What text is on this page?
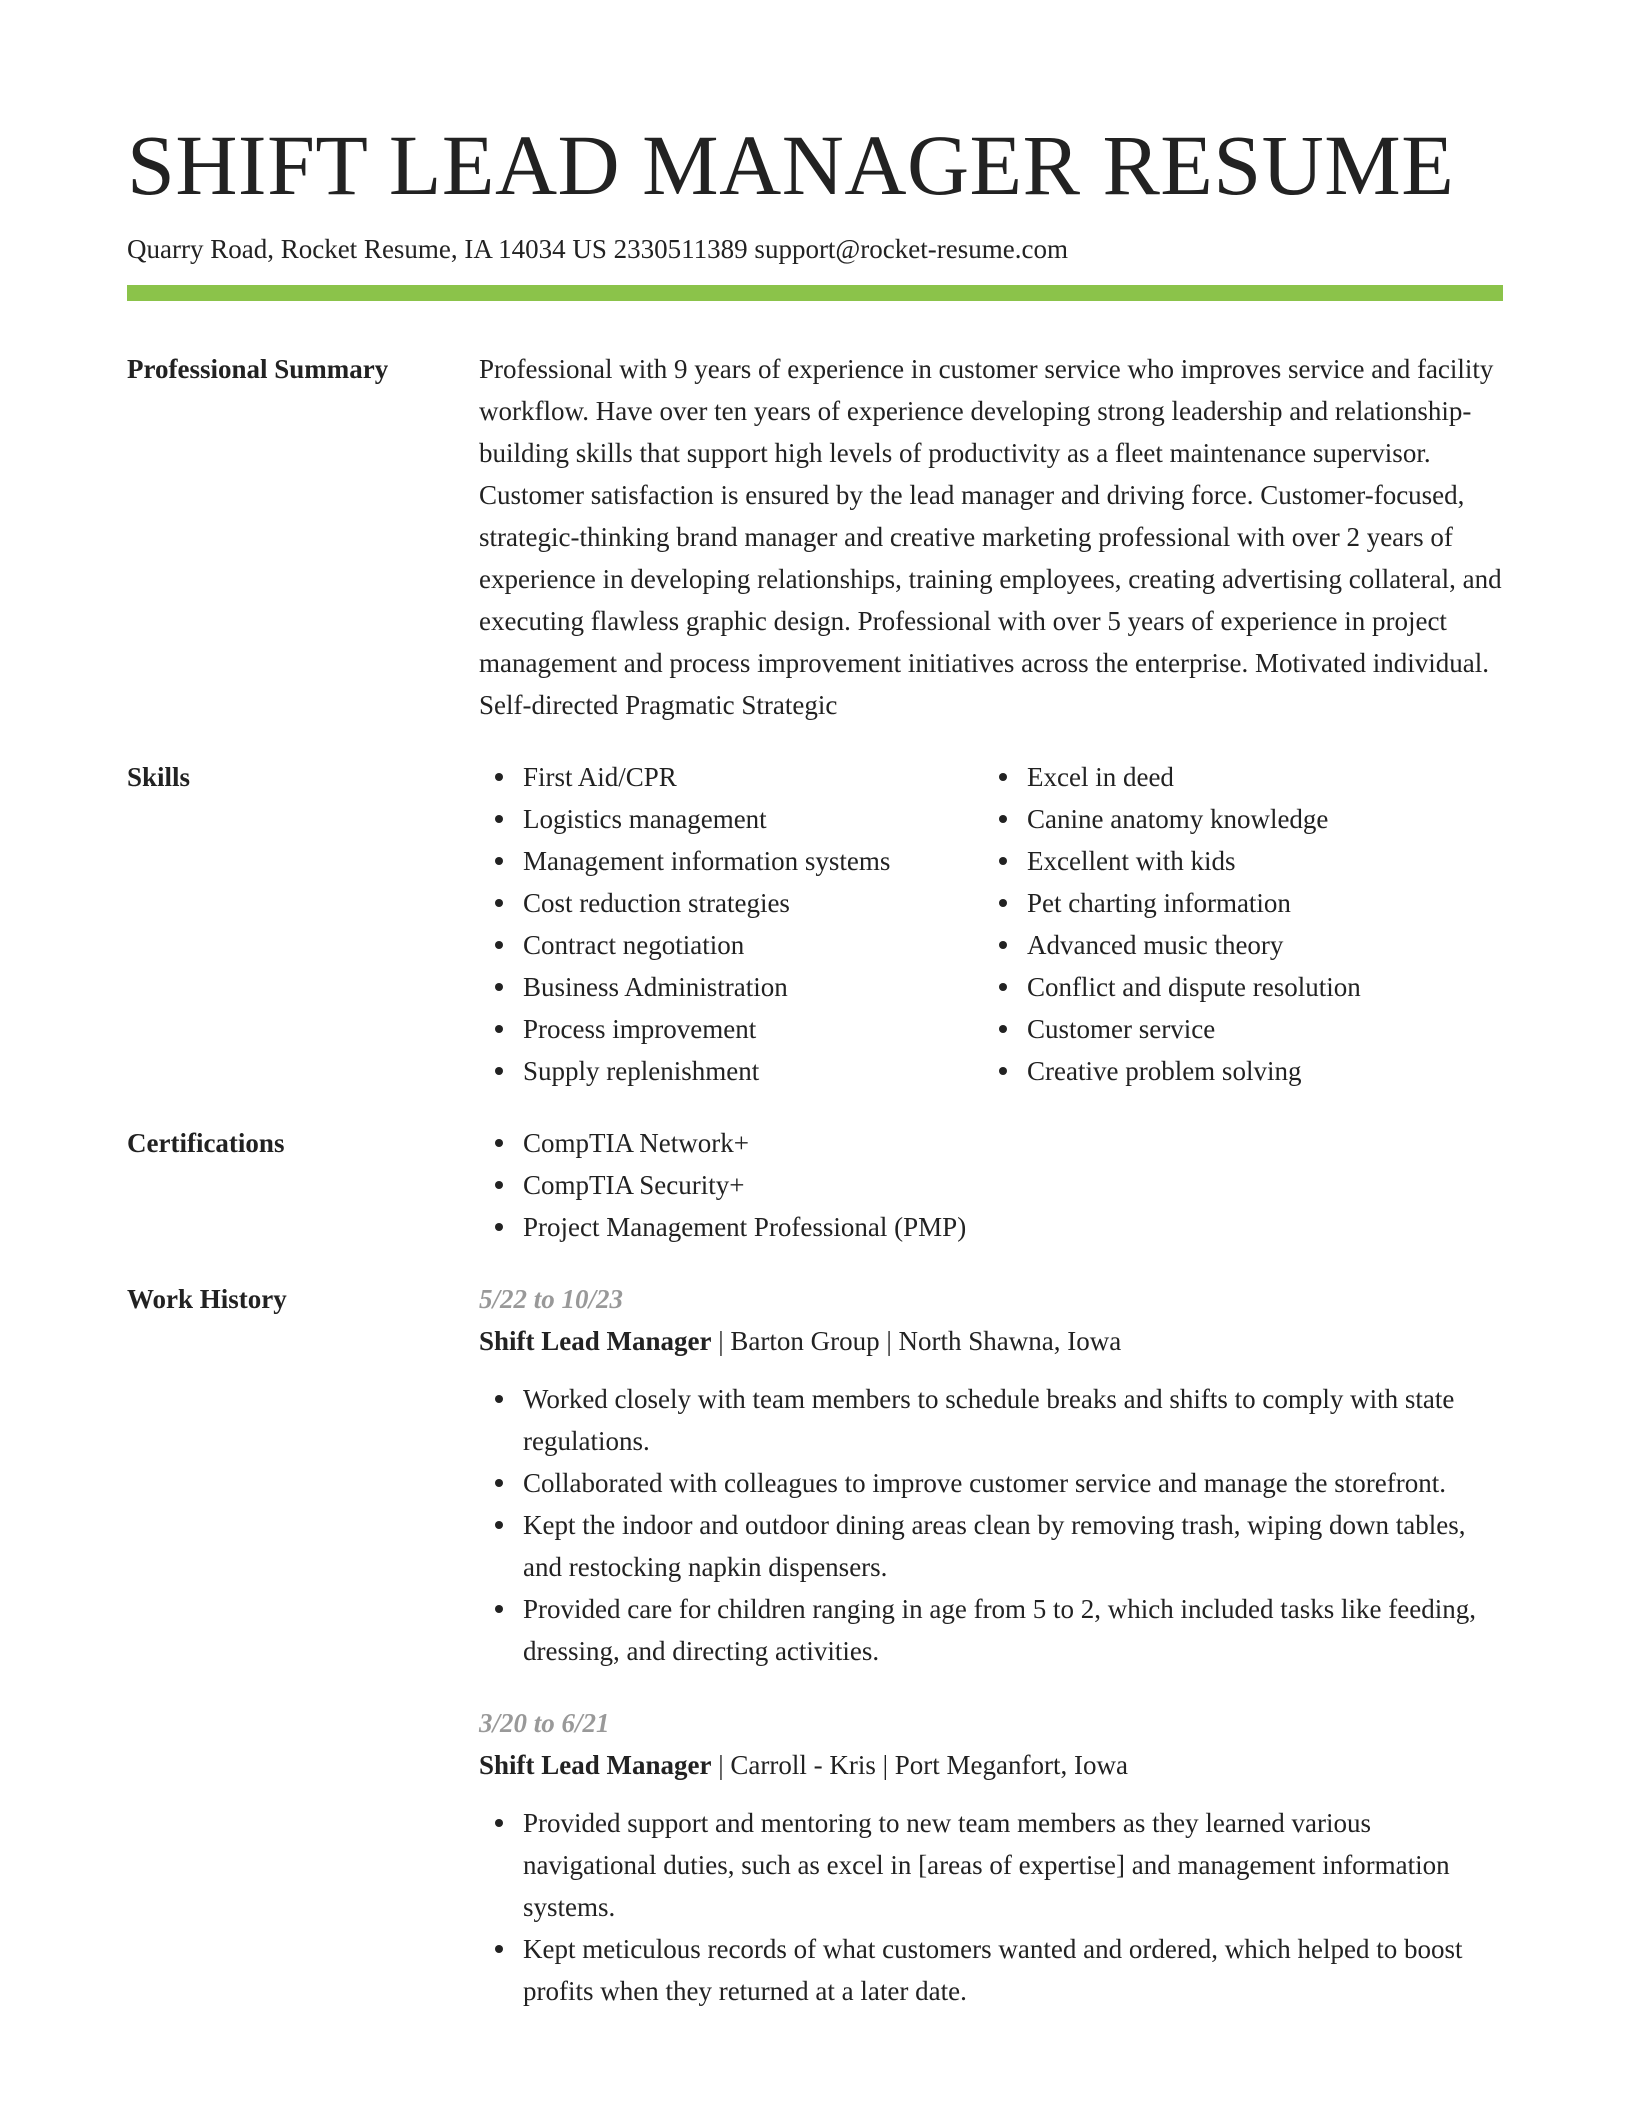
SHIFT LEAD MANAGER RESUME
Quarry Road, Rocket Resume, IA 14034 US 2330511389 support@rocket-resume.com
Professional Summary	Professional with 9 years of experience in customer service who improves service and facility workflow. Have over ten years of experience developing strong leadership and relationship-building skills that support high levels of productivity as a fleet maintenance supervisor. Customer satisfaction is ensured by the lead manager and driving force. Customer-focused, strategic-thinking brand manager and creative marketing professional with over 2 years of experience in developing relationships, training employees, creating advertising collateral, and executing flawless graphic design. Professional with over 5 years of experience in project management and process improvement initiatives across the enterprise. Motivated individual. Self-directed Pragmatic Strategic

Skills	First Aid/CPR
Logistics management
Management information systems
Cost reduction strategies
Contract negotiation
Business Administration
Process improvement
Supply replenishment
Excel in deed
Canine anatomy knowledge
Excellent with kids
Pet charting information
Advanced music theory
Conflict and dispute resolution
Customer service
Creative problem solving
Certifications	CompTIA Network+
CompTIA Security+
Project Management Professional (PMP)
Work History	5/22 to 10/23
Shift Lead Manager | Barton Group | North Shawna, Iowa
Worked closely with team members to schedule breaks and shifts to comply with state regulations.
Collaborated with colleagues to improve customer service and manage the storefront.
Kept the indoor and outdoor dining areas clean by removing trash, wiping down tables, and restocking napkin dispensers.
Provided care for children ranging in age from 5 to 2, which included tasks like feeding, dressing, and directing activities.
3/20 to 6/21
Shift Lead Manager | Carroll - Kris | Port Meganfort, Iowa
Provided support and mentoring to new team members as they learned various navigational duties, such as excel in [areas of expertise] and management information systems.
Kept meticulous records of what customers wanted and ordered, which helped to boost profits when they returned at a later date.
